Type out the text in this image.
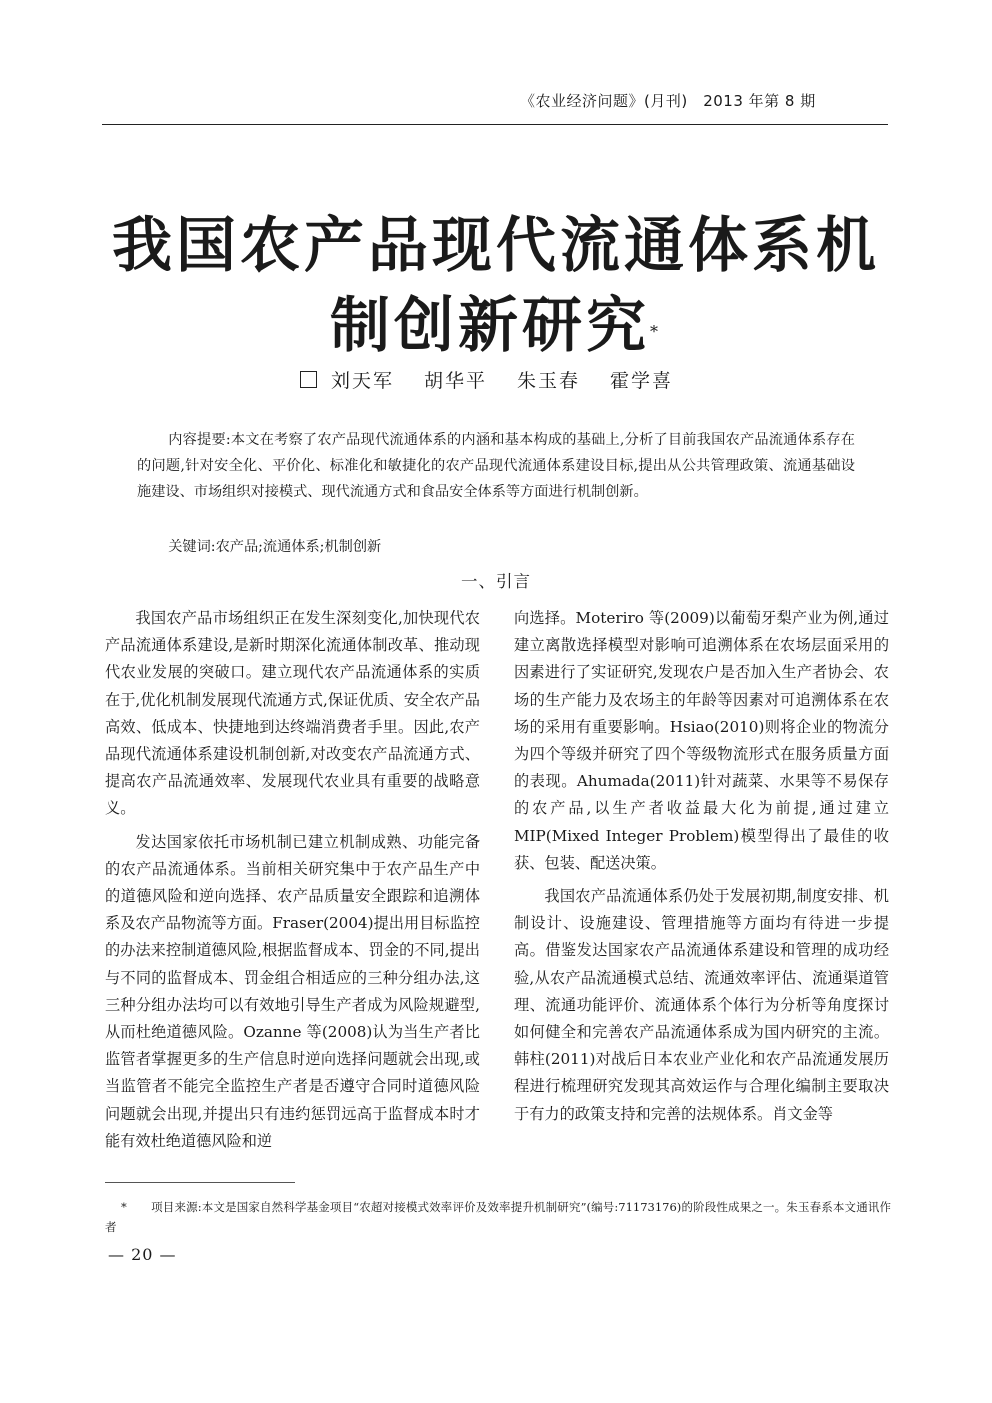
《农业经济问题》(月刊)　2013 年第 8 期
我国农产品现代流通体系机制创新研究*
刘天军 胡华平 朱玉春 霍学喜

内容提要:本文在考察了农产品现代流通体系的内涵和基本构成的基础上,分析了目前我国农产品流通体系存在的问题,针对安全化、平价化、标准化和敏捷化的农产品现代流通体系建设目标,提出从公共管理政策、流通基础设施建设、市场组织对接模式、现代流通方式和食品安全体系等方面进行机制创新。

关键词:农产品;流通体系;机制创新
一、引言

我国农产品市场组织正在发生深刻变化,加快现代农产品流通体系建设,是新时期深化流通体制改革、推动现代农业发展的突破口。建立现代农产品流通体系的实质在于,优化机制发展现代流通方式,保证优质、安全农产品高效、低成本、快捷地到达终端消费者手里。因此,农产品现代流通体系建设机制创新,对改变农产品流通方式、提高农产品流通效率、发展现代农业具有重要的战略意义。

发达国家依托市场机制已建立机制成熟、功能完备的农产品流通体系。当前相关研究集中于农产品生产中的道德风险和逆向选择、农产品质量安全跟踪和追溯体系及农产品物流等方面。Fraser(2004)提出用目标监控的办法来控制道德风险,根据监督成本、罚金的不同,提出与不同的监督成本、罚金组合相适应的三种分组办法,这三种分组办法均可以有效地引导生产者成为风险规避型,从而杜绝道德风险。Ozanne 等(2008)认为当生产者比监管者掌握更多的生产信息时逆向选择问题就会出现,或当监管者不能完全监控生产者是否遵守合同时道德风险问题就会出现,并提出只有违约惩罚远高于监督成本时才能有效杜绝道德风险和逆

向选择。Moteriro 等(2009)以葡萄牙梨产业为例,通过建立离散选择模型对影响可追溯体系在农场层面采用的因素进行了实证研究,发现农户是否加入生产者协会、农场的生产能力及农场主的年龄等因素对可追溯体系在农场的采用有重要影响。Hsiao(2010)则将企业的物流分为四个等级并研究了四个等级物流形式在服务质量方面的表现。Ahumada(2011)针对蔬菜、水果等不易保存的农产品,以生产者收益最大化为前提,通过建立 MIP(Mixed Integer Problem)模型得出了最佳的收获、包装、配送决策。

我国农产品流通体系仍处于发展初期,制度安排、机制设计、设施建设、管理措施等方面均有待进一步提高。借鉴发达国家农产品流通体系建设和管理的成功经验,从农产品流通模式总结、流通效率评估、流通渠道管理、流通功能评价、流通体系个体行为分析等角度探讨如何健全和完善农产品流通体系成为国内研究的主流。韩柱(2011)对战后日本农业产业化和农产品流通发展历程进行梳理研究发现其高效运作与合理化编制主要取决于有力的政策支持和完善的法规体系。肖文金等

* 项目来源:本文是国家自然科学基金项目“农超对接模式效率评价及效率提升机制研究”(编号:71173176)的阶段性成果之一。朱玉春系本文通讯作者
— 20 —
